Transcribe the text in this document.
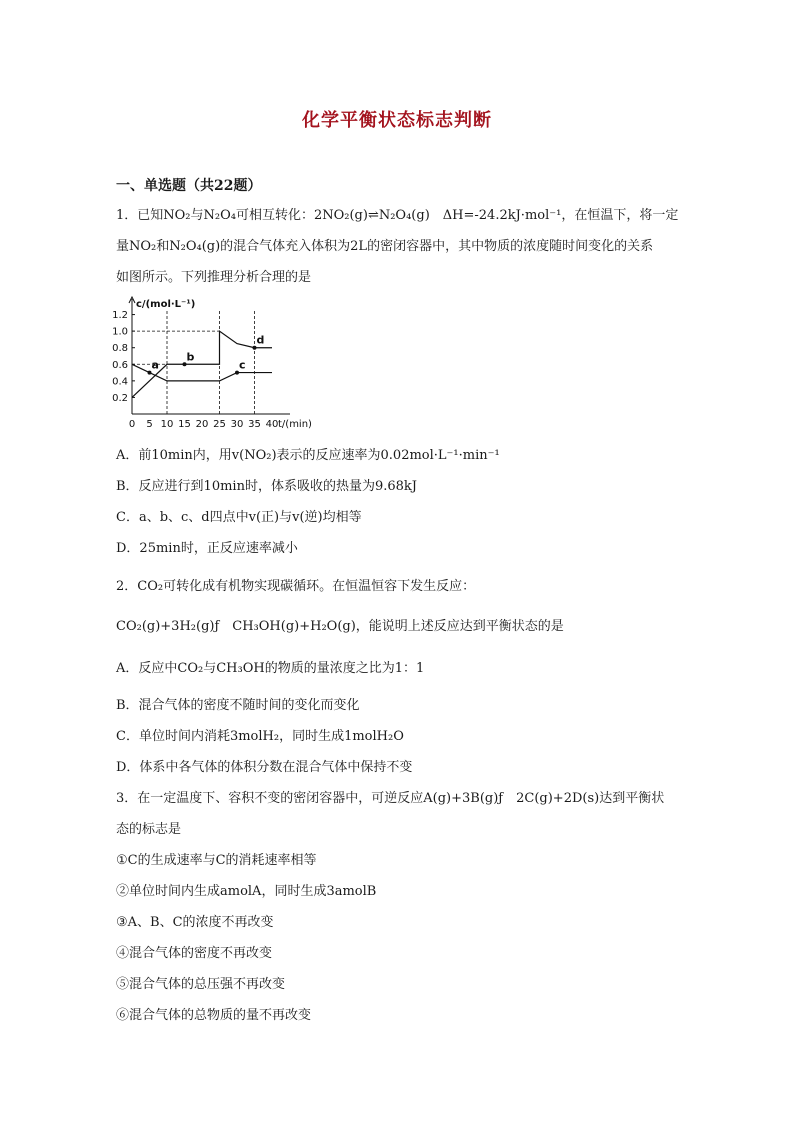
化学平衡状态标志判断
一、单选题（共22题）
1．已知NO₂与N₂O₄可相互转化：2NO₂(g)⇌N₂O₄(g)　ΔH=-24.2kJ·mol⁻¹，在恒温下，将一定
量NO₂和N₂O₄(g)的混合气体充入体积为2L的密闭容器中，其中物质的浓度随时间变化的关系
如图所示。下列推理分析合理的是
0.2
0.4
0.6
0.8
1.0
1.2
0 5 10 15 20 25 30 35 40
c/(mol·L⁻¹)
t/(min)
a
b
c
d
A．前10min内，用v(NO₂)表示的反应速率为0.02mol·L⁻¹·min⁻¹
B．反应进行到10min时，体系吸收的热量为9.68kJ
C．a、b、c、d四点中v(正)与v(逆)均相等
D．25min时，正反应速率减小
2．CO₂可转化成有机物实现碳循环。在恒温恒容下发生反应：
CO₂(g)+3H₂(g)ƒ　CH₃OH(g)+H₂O(g)，能说明上述反应达到平衡状态的是
A．反应中CO₂与CH₃OH的物质的量浓度之比为1：1
B．混合气体的密度不随时间的变化而变化
C．单位时间内消耗3molH₂，同时生成1molH₂O
D．体系中各气体的体积分数在混合气体中保持不变
3．在一定温度下、容积不变的密闭容器中，可逆反应A(g)+3B(g)ƒ　2C(g)+2D(s)达到平衡状
态的标志是
①C的生成速率与C的消耗速率相等
②单位时间内生成amolA，同时生成3amolB
③A、B、C的浓度不再改变
④混合气体的密度不再改变
⑤混合气体的总压强不再改变
⑥混合气体的总物质的量不再改变
